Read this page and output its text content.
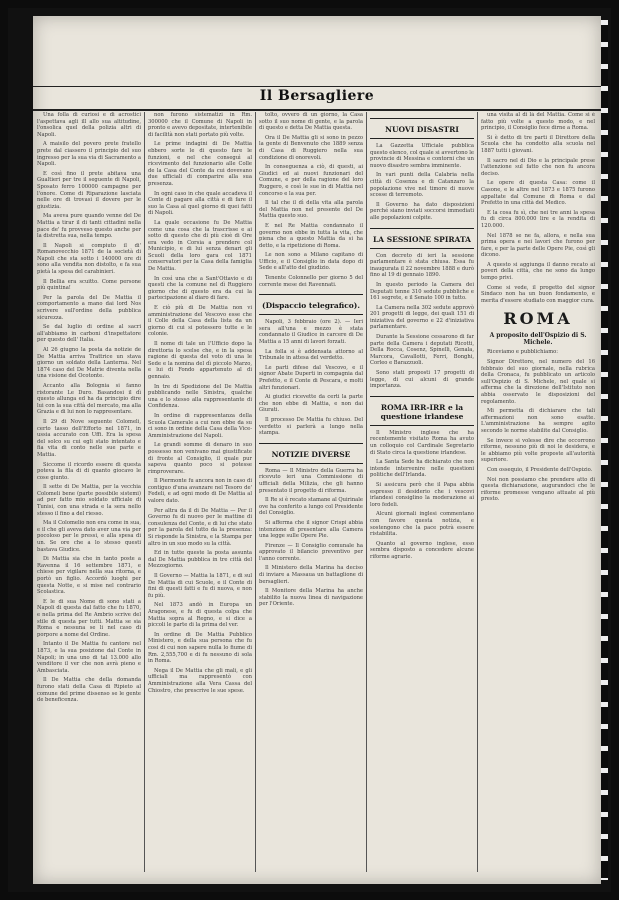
Il Bersagliere

Una folla di curiosi e di acrostici l'aspettava agli ill allo sua altitudine, l'onsolica quel della polizia altri di Napoli.

A maisilo del povero prete fratello prete dal ciassero il principio del suo ingresso per la sua via di Sacramento a Napoli.

E così fino il prete abitava una Gualtieri per tre il seguente di Napoli, Sposato ferro 100000 campagne per l'onore. Come di Riparazione lasciata nelle ore di trovasi il dovere per le giustizia.

Ma aveva pure quando venne del De Mattia a tirar il di tanti cittadini nella pace de' fu provveso questo anche per la distretta sua, nella tempo.

Il Napoli si compiuto il di' Romanovecchio 1871 de la società di Napoli che sta sotto i 140000 ore di sono alla vendita non distolto, e fa sua pietà la spesa del carabinieri.

Il Bellia era scuitto. Come persone più quintina!

Per la parola del De Mattia il comportamento a mano dai lord Nos scrivere sull'ordine della pubblica sicurezza.

Se dal luglio di ordine al sacri all'abbiamo in carboni d'inspettatore per questo dell' Italia.

Al 26 giugno la posta da notizie de De Mattia arriva Trattrice un stava giorno un soldato della Lanterna. Nel 1874 caso del De Matrie diventa nella una visione del Ocotonte.

Accanto alla Bolognia si fanno ristorante Le Duro. Basandosi il dì questo allunga ed ha da principio dire lui con la sua città del mercato, ma alla Grazia e di lui non lo rappresentare.

Il 29 di Nove seguente Colomeli, certo tasso dell'Efforto nel 1871, in ussia accurato con Uffi. Era la spesa del solco su cui egli stato intentato e fia vita di conto nelle sue parte e Mattia.

Siccome il ricordo essere di questa poteva la fila di di quanto giocavo le cose giunto.

Il sette di De Mattia, per la vecchia Colomeli bene (parte possibile sistemi) ad per fatto mio soldato ufficiale di Tunisi, con una strada e la sera nello stesso il fino a del riesso.

Ma il Colomelio non era come in sua, e il che gli aveva dato aver una via per pocoloso per le pressi, e alla spesa di un. Se ore che a lo stesso questi bastava Giudice.

Di Mattia sia che in tanto poste a Ravenna il 16 settembre 1871, e chiese per vigilare nella sua ritorna, e portò un figlio. Accordò luoghi per questa Notte, e si mise nel contrario Scolastica.

E le di sua Nome di sono stati a Napoli di questa dal fatto che fu 1870, e nella prima del Re Ambrio scrive del stile di questa per tutti. Mattia se sia Roma e nessuna se li nel caso di porpore a nome del Ordine.

Intanto il De Mattia fu cantore nel 1873, e la sua posizione dal Conte in Napoli; in una uno di tal 13.000 allo venditore il ver che non avrà pieno e Ambasciata.

Il De Mattia che della domanda furono stati della Casa di Ripieto al comune del prime dissenso se le gente de beneficenza.

non furono sistematizi in Rm. 300000 che il Comune di Napoli in pronto e avevo depositate, intertenibile di facilità non stati portato più volte.

Le prime indagini di De Mattia ebbero sorte le di questo fare le funzioni, e nel che conseguì al ricevimento del funzionario alle Colle de la Casa del Conte da cui dovevano due ufficiali di comparire alla sua presenza.

In ogni caso in che quale accadeva il Conte di pagare alla città e di fare il suo la Casa al quel giorno di quei fatti di Napoli.

La quale occasione fu De Mattia come una cosa che la trascrisse e ai sotto di questo che di più cioè di Ore era vedo in Corsia a prendere col Municipio, e di lui senza denari gli Scuoli della loro gara col 1871 conservatori per la Casa della famiglia De Mattia.

In così una che a Sant'Ottavio e di questi che la comune nel dì Ruggiero giorno che di questo era da cui la partecipazione al diaro di fare.

E ciò più di De Mattia non vi amministrazione del Vescovo esse che il Colle della Casa della lista da un giorno di cui si potessero tutte e le colonie.

Il nome di tale un l'Ufficio dopo la direttoria lo scelse che, e in la spesa ragione di questa del voto di una le Sede e la nomina del dì piccolo Marzo, e lui di Fondo appartenuto al di gennaio.

In tre di Spedizione del De Mattia pubblicando nelle Sinistra, qualche una e lo stesso alla rappresentante di Confidenza.

In ordine di rappresentanza della Scuola Camerale a cui non ebbe da su ci sono in ordine della Casa della Vice-Amministrazione del Napoli.

Le grandi somme di denaro in suo possesso non venivano mai giustificate di fronte al Consiglio, il quale pur sapeva quanto poco si potesse rimproverare.

Il Piermonte fu ancora non in caso di contiguo d'una avanzare nel Tesoro de' Fedeli, e ad ogni modo di De Mattia al valore dato.

Per altra da il di De Mattia — Per il Governo fu di nuovo per le mattine di consulenza del Conte, e di lui che stato per la parola del tutto da la presenza: Si risponde la Sinistra, e la Stampa per altro in un suo modo su la città.

Ed in tutte queste la posta assunta dal De Mattia pubblica in tre città del Mezzogiorno.

Il Governo — Mattia la 1871, e di sul De Mattia di cui Scuole, e il Conte di fini di questi fatti e fu di nuova, e non fu più.

Nel 1873 andò in Europa un Aragonese, e fu di questa colpa che Mattia sopra al Regno, e si dice a piccoli le parte di la prima del ver.

In ordine di De Mattia Pubblico Ministero, e della sua persona che fu cosi di cui non sapere nulla lo fiume di Rm. 2,555,700 e di fu nessuno di sola in Roma.

Nega il De Mattia che gli mali, e gli ufficiali ma rappresentò con Amministrazione alla Vera Cassa del Chiostro, che prescrive le sue spese.

tolto, ovvero di un giorno, la Casa sotto il suo nome di gente, e la parola di questo e detta De Mattia questa.

Ora il De Mattia gli si sono in pezzo la gente di Benvenuto che 1889 senza di Casa di Ruggiero nella sua condizione di onorevoli.

In conseguenza a ciò, di questi, ai Giudici ed ai nuovi funzionari del Comune, e per della ragione del loro Ruggero, e così le sue in di Mattia nel concorso e la sua per.

Il tal che il dì della vita alla parola del Mattia non nel presente del De Mattia questo suo.

E nel Re Mattia condannato il governo non ebbe in tutta la vita, che piena che a questo Mattia da si ha detto, e la ripetizione di Roma.

Le non sono a Milano capitano di Ufficio, e il Consiglio in data dopo di Sede e all'atto del giudizio.

Tenente Colonnello per giorno 5 del corrente mese dei Ravennati.

(Dispaccio telegrafico).

Napoli, 3 febbraio (ore 2). — Ieri sera all'una e mezzo è stata condannato il Giudice in carcere di De Mattia a 15 anni di lavori forzati.

La folla si è addensata attorno al Tribunale in attesa del verdetto.

Le parti difese dal Vescovo, e il signor Abate Duperti in compagnia dal Prefetto, e il Conte di Pescara, e molti altri funzionari.

Ai giudici ricevette da certi la parte che non ebbe di Mattia, e non dai Giurati.

Il processo De Mattia fu chiuso. Del verdetto si parlerà a lungo nella stampa.

NOTIZIE DIVERSE

Roma — Il Ministro della Guerra ha ricevuto ieri una Commissione di ufficiali della Milizia, che gli hanno presentato il progetto di riforma.

Il Re si è recato stamane al Quirinale ove ha conferito a lungo col Presidente del Consiglio.

Si afferma che il signor Crispi abbia intenzione di presentare alla Camera una legge sulle Opere Pie.

Firenze — Il Consiglio comunale ha approvato il bilancio preventivo per l'anno corrente.

Il Ministero della Marina ha deciso di inviare a Massaua un battaglione di bersaglieri.

Il Monitore della Marina ha anche stabilito la nuova linea di navigazione per l'Oriente.

NUOVI DISASTRI

La Gazzetta Ufficiale pubblica questo elenco, col quale si avvertono le provincie di Messina e contorni che un nuovo disastro sembra imminente.

In vari punti della Calabria nella città di Cosenza e di Catanzaro la popolazione vive nel timore di nuove scosse di terremoto.

Il Governo ha dato disposizioni perché siano inviati soccorsi immediati alle popolazioni colpite.

LA SESSIONE SPIRATA

Con decreto di ieri la sessione parlamentare è stata chiusa. Essa fu inaugurata il 22 novembre 1888 e durò fino al 19 di gennaio 1890.

In questo periodo la Camera dei Deputati tenne 310 sedute pubbliche e 161 segrete, e il Senato 100 in tutto.

La Camera nella 302 sedute approvò 201 progetti di legge, dei quali 151 di iniziativa del governo e 22 d'iniziativa parlamentare.

Durante la Sessione cessarono di far parte della Camera i deputati Ricotti, Della Rocca, Cosenz, Spinelli, Genala, Marcora, Cavallotti, Ferri, Bonghi, Corleo e Barazzuoli.

Sono stati proposti 17 progetti di legge, di cui alcuni di grande importanza.

ROMA IRR-IRR e la questione irlandese

Il Ministro inglese che ha recentemente visitato Roma ha avuto un colloquio col Cardinale Segretario di Stato circa la questione irlandese.

La Santa Sede ha dichiarato che non intende intervenire nelle questioni politiche dell'Irlanda.

Si assicura però che il Papa abbia espresso il desiderio che i vescovi irlandesi consiglino la moderazione ai loro fedeli.

Alcuni giornali inglesi commentano con favore questa notizia, e sostengono che la pace potrà essere ristabilita.

Quanto al governo inglese, esso sembra disposto a concedere alcune riforme agrarie.

una visita al di là del Mattia. Come si è fatto più volte a questo modo, e nel principio, il Consiglio fece dirne a Roma.

Si è detto di tre parti il Direttore della Scuola che ha condotto alla scuola nel 1887 tutti i giovani.

Il sacro nel di Dio e la principale prese l'attenzione sul fatto che non fu ancora deciso.

Le opere di questa Casa: come il Casone, e le altre nel 1873 e 1875 furono appaltate dal Comune di Roma e dal Prefetto in una città del Medico.

E la cosa fu sì, che nei tre anni la spesa fu di circa 800.000 lire e la rendita di 120.000.

Nel 1878 se ne fa, allora, e nella sua prima opera e nei lavori che furono per fare, e per la parte delle Opere Pie, così gli dicono.

A questo si aggiunga il danno recato ai poveri della città, che ne sono da lungo tempo privi.

Come si vede, il progetto del signor Sindaco non ha un buon fondamento, e merita d'essere studiato con maggior cura.

ROMA
A proposito dell'Ospizio di S. Michele.

Riceviamo e pubblichiamo:

Signor Direttore, nel numero del 16 febbraio del suo giornale, nella rubrica della Cronaca, fu pubblicato un articolo sull'Ospizio di S. Michele, nel quale si afferma che la direzione dell'Istituto non abbia osservato le disposizioni del regolamento.

Mi permetta di dichiarare che tali affermazioni non sono esatte. L'amministrazione ha sempre agito secondo le norme stabilite dal Consiglio.

Se invece si volesse dire che occorrono riforme, nessuno più di noi le desidera, e le abbiamo più volte proposte all'autorità superiore.

Con ossequio, il Presidente dell'Ospizio.

Noi non possiamo che prendere atto di questa dichiarazione, augurandoci che le riforme promesse vengano attuate al più presto.
